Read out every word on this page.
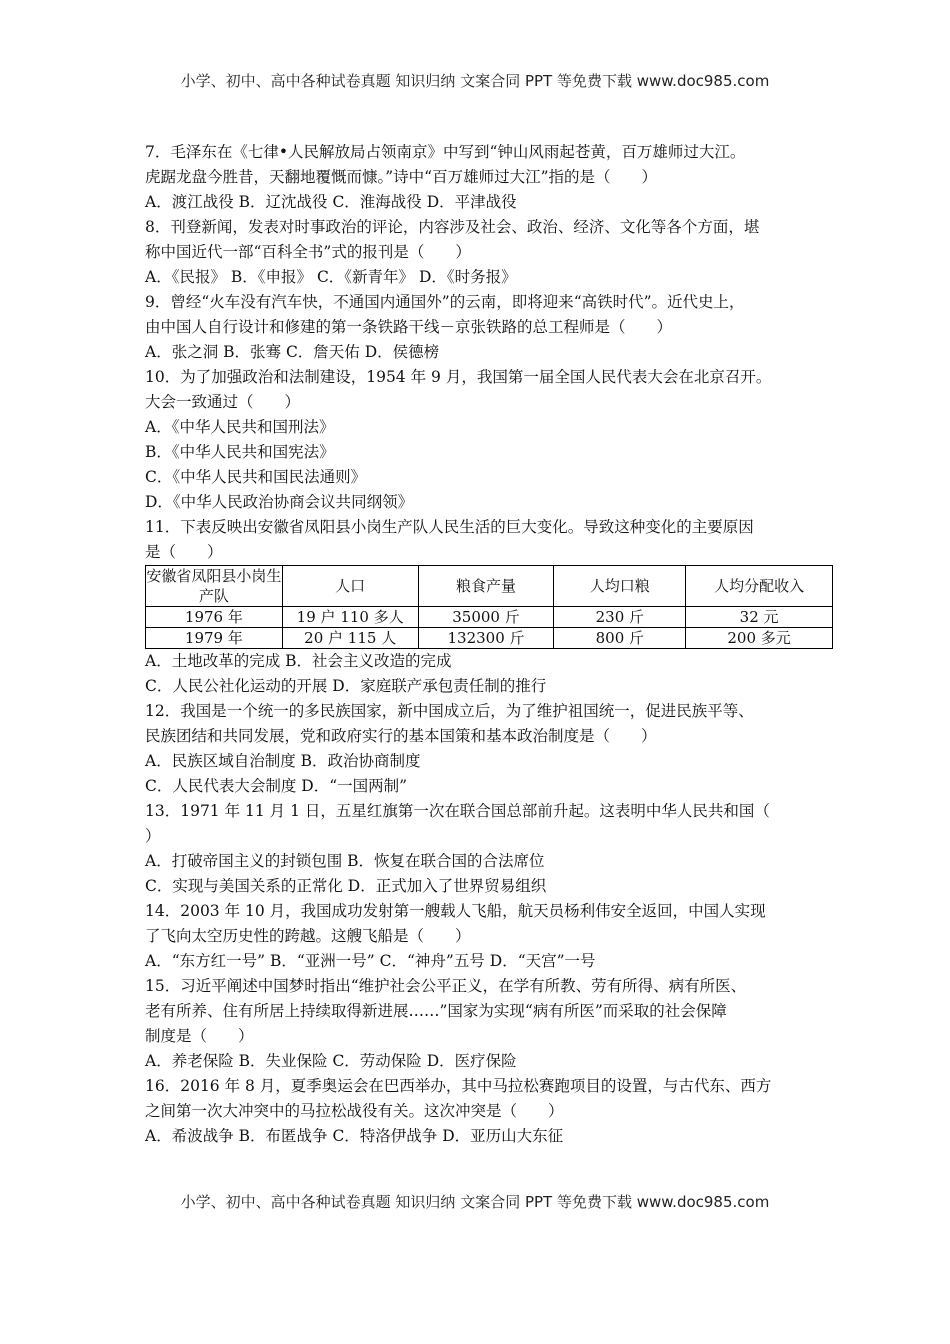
小学、初中、高中各种试卷真题 知识归纳 文案合同 PPT 等免费下载 www.doc985.com
7．毛泽东在《七律•人民解放局占领南京》中写到“钟山风雨起苍黄，百万雄师过大江。
虎踞龙盘今胜昔，天翻地覆慨而慷。”诗中“百万雄师过大江”指的是（　　）
A．渡江战役 B．辽沈战役 C．淮海战役 D．平津战役
8．刊登新闻，发表对时事政治的评论，内容涉及社会、政治、经济、文化等各个方面，堪
称中国近代一部“百科全书”式的报刊是（　　）
A．《民报》 B．《申报》 C．《新青年》 D．《时务报》
9．曾经“火车没有汽车快，不通国内通国外”的云南，即将迎来“高铁时代”。近代史上，
由中国人自行设计和修建的第一条铁路干线－京张铁路的总工程师是（　　）
A．张之洞 B．张骞 C．詹天佑 D．侯德榜
10．为了加强政治和法制建设，1954 年 9 月，我国第一届全国人民代表大会在北京召开。
大会一致通过（　　）
A．《中华人民共和国刑法》
B．《中华人民共和国宪法》
C．《中华人民共和国民法通则》
D．《中华人民政治协商会议共同纲领》
11．下表反映出安徽省凤阳县小岗生产队人民生活的巨大变化。导致这种变化的主要原因
是（　　）
安徽省凤阳县小岗生产队	人口	粮食产量	人均口粮	人均分配收入
1976 年	19 户 110 多人	35000 斤	230 斤	32 元
1979 年	20 户 115 人	132300 斤	800 斤	200 多元
A．土地改革的完成 B．社会主义改造的完成
C．人民公社化运动的开展 D．家庭联产承包责任制的推行
12．我国是一个统一的多民族国家，新中国成立后，为了维护祖国统一，促进民族平等、
民族团结和共同发展，党和政府实行的基本国策和基本政治制度是（　　）
A．民族区域自治制度 B．政治协商制度
C．人民代表大会制度 D．“一国两制”
13．1971 年 11 月 1 日，五星红旗第一次在联合国总部前升起。这表明中华人民共和国（
）
A．打破帝国主义的封锁包围 B．恢复在联合国的合法席位
C．实现与美国关系的正常化 D．正式加入了世界贸易组织
14．2003 年 10 月，我国成功发射第一艘载人飞船，航天员杨利伟安全返回，中国人实现
了飞向太空历史性的跨越。这艘飞船是（　　）
A．“东方红一号” B．“亚洲一号” C．“神舟”五号 D．“天宫”一号
15．习近平阐述中国梦时指出“维护社会公平正义，在学有所教、劳有所得、病有所医、
老有所养、住有所居上持续取得新进展……”国家为实现“病有所医”而采取的社会保障
制度是（　　）
A．养老保险 B．失业保险 C．劳动保险 D．医疗保险
16．2016 年 8 月，夏季奥运会在巴西举办，其中马拉松赛跑项目的设置，与古代东、西方
之间第一次大冲突中的马拉松战役有关。这次冲突是（　　）
A．希波战争 B．布匿战争 C．特洛伊战争 D．亚历山大东征
小学、初中、高中各种试卷真题 知识归纳 文案合同 PPT 等免费下载 www.doc985.com
